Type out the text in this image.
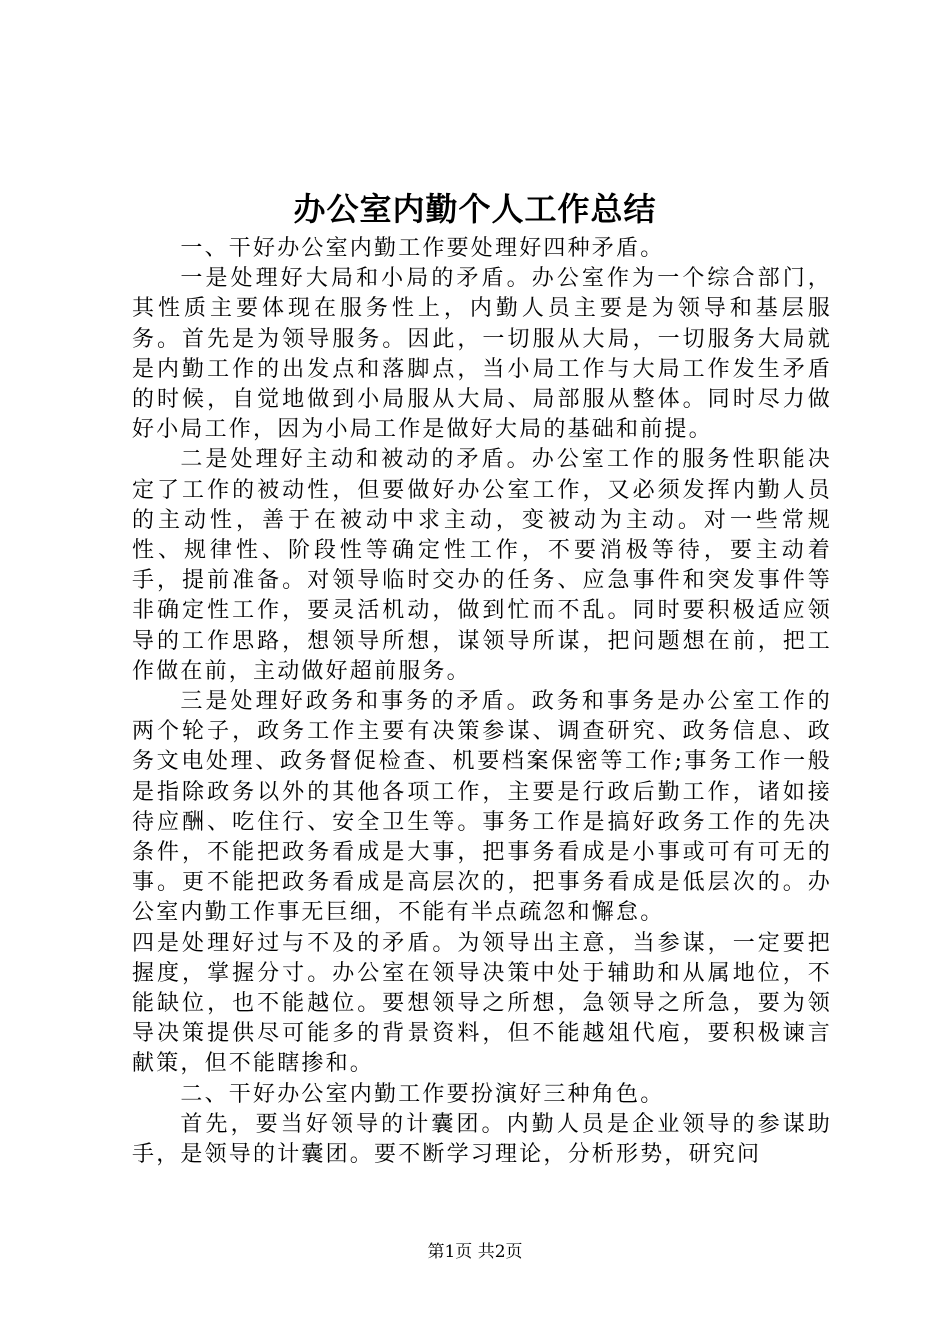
办公室内勤个人工作总结

一、干好办公室内勤工作要处理好四种矛盾。

一是处理好大局和小局的矛盾。办公室作为一个综合部门，其性质主要体现在服务性上，内勤人员主要是为领导和基层服务。首先是为领导服务。因此，一切服从大局，一切服务大局就是内勤工作的出发点和落脚点，当小局工作与大局工作发生矛盾的时候，自觉地做到小局服从大局、局部服从整体。同时尽力做好小局工作，因为小局工作是做好大局的基础和前提。

二是处理好主动和被动的矛盾。办公室工作的服务性职能决定了工作的被动性，但要做好办公室工作，又必须发挥内勤人员的主动性，善于在被动中求主动，变被动为主动。对一些常规性、规律性、阶段性等确定性工作，不要消极等待，要主动着手，提前准备。对领导临时交办的任务、应急事件和突发事件等非确定性工作，要灵活机动，做到忙而不乱。同时要积极适应领导的工作思路，想领导所想，谋领导所谋，把问题想在前，把工作做在前，主动做好超前服务。

三是处理好政务和事务的矛盾。政务和事务是办公室工作的两个轮子，政务工作主要有决策参谋、调查研究、政务信息、政务文电处理、政务督促检查、机要档案保密等工作;事务工作一般是指除政务以外的其他各项工作，主要是行政后勤工作，诸如接待应酬、吃住行、安全卫生等。事务工作是搞好政务工作的先决条件，不能把政务看成是大事，把事务看成是小事或可有可无的事。更不能把政务看成是高层次的，把事务看成是低层次的。办公室内勤工作事无巨细，不能有半点疏忽和懈怠。

四是处理好过与不及的矛盾。为领导出主意，当参谋，一定要把握度，掌握分寸。办公室在领导决策中处于辅助和从属地位，不能缺位，也不能越位。要想领导之所想，急领导之所急，要为领导决策提供尽可能多的背景资料，但不能越俎代庖，要积极谏言献策，但不能瞎掺和。

二、干好办公室内勤工作要扮演好三种角色。

首先，要当好领导的计囊团。内勤人员是企业领导的参谋助手，是领导的计囊团。要不断学习理论，分析形势，研究问

第1页 共2页
